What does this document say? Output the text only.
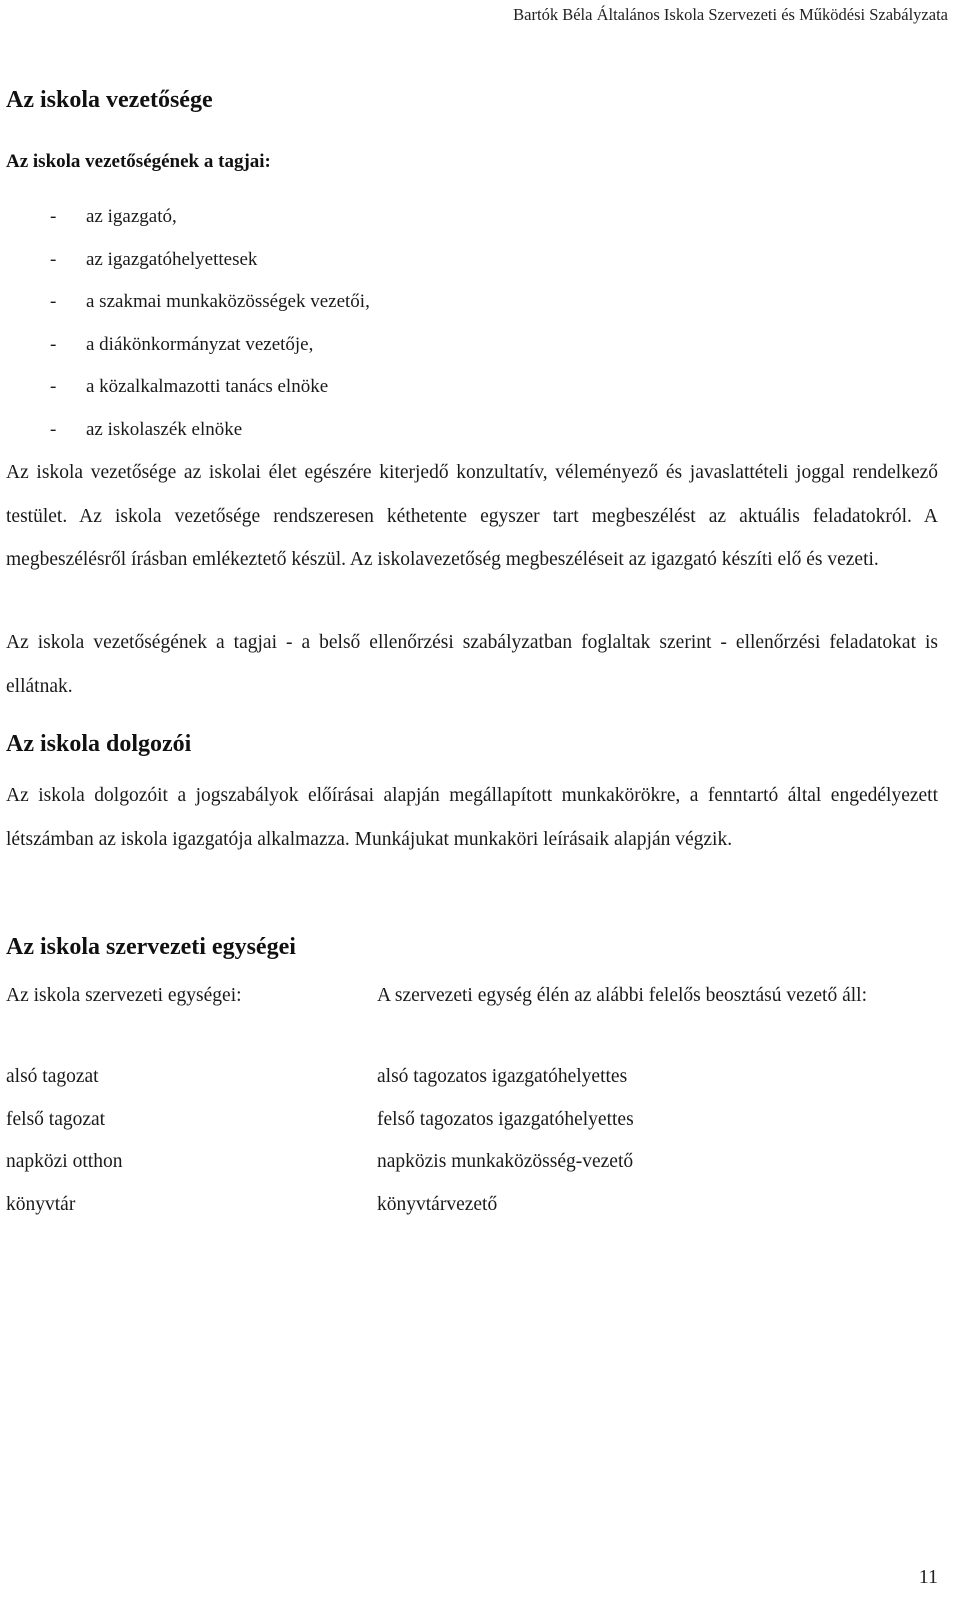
Bartók Béla Általános Iskola Szervezeti és Működési Szabályzata
Az iskola vezetősége
Az iskola vezetőségének a tagjai:
-az igazgató,
-az igazgatóhelyettesek
-a szakmai munkaközösségek vezetői,
-a diákönkormányzat vezetője,
-a közalkalmazotti tanács elnöke
-az iskolaszék elnöke

Az iskola vezetősége az iskolai élet egészére kiterjedő konzultatív, véleményező és javaslattételi joggal rendelkező testület. Az iskola vezetősége rendszeresen kéthetente egyszer tart megbeszélést az aktuális feladatokról. A megbeszélésről írásban emlékeztető készül. Az iskolavezetőség megbeszéléseit az igazgató készíti elő és vezeti.

Az iskola vezetőségének a tagjai - a belső ellenőrzési szabályzatban foglaltak szerint - ellenőrzési feladatokat is ellátnak.

Az iskola dolgozói

Az iskola dolgozóit a jogszabályok előírásai alapján megállapított munkakörökre, a fenntartó által engedélyezett létszámban az iskola igazgatója alkalmazza. Munkájukat munkaköri leírásaik alapján végzik.

Az iskola szervezeti egységei

Az iskola szervezeti egységei:

alsó tagozat
felső tagozat
napközi otthon
könyvtár

A szervezeti egység élén az alábbi felelős beosztású vezető áll:

alsó tagozatos igazgatóhelyettes
felső tagozatos igazgatóhelyettes
napközis munkaközösség-vezető
könyvtárvezető
11
